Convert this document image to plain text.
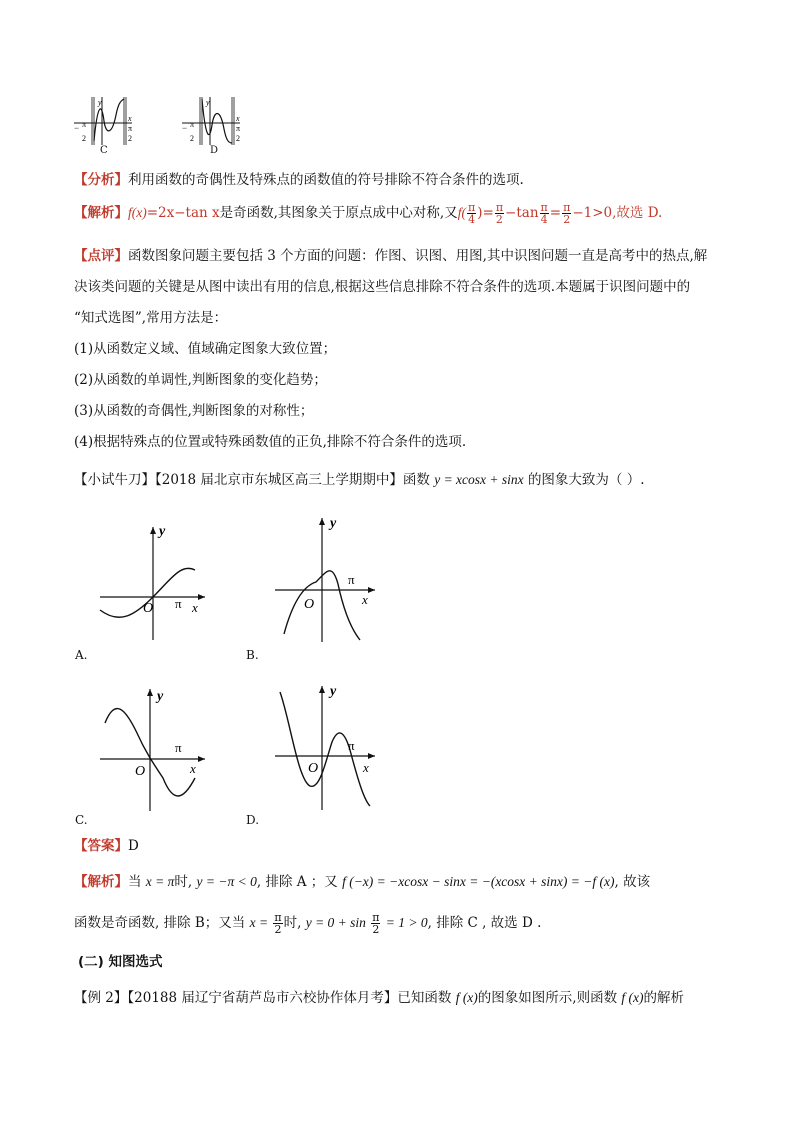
− π
2
y
x
π
2
C
− π
2
y
x
π
2
D
【分析】利用函数的奇偶性及特殊点的函数值的符号排除不符合条件的选项.
【解析】f(x)=2x−tan x是奇函数,其图象关于原点成中心对称,又$f( \frac{\pi}{4}$ )= $\frac{\pi}{2} -\tan \frac{\pi}{4} = \frac{\pi}{2} -1>0$,故选 D.
【点评】函数图象问题主要包括 3 个方面的问题：作图、识图、用图,其中识图问题一直是高考中的热点,解
决该类问题的关键是从图中读出有用的信息,根据这些信息排除不符合条件的选项.本题属于识图问题中的
“知式选图”,常用方法是：
(1)从函数定义域、值域确定图象大致位置；
(2)从函数的单调性,判断图象的变化趋势；
(3)从函数的奇偶性,判断图象的对称性；
(4)根据特殊点的位置或特殊函数值的正负,排除不符合条件的选项.
【小试牛刀】【2018 届北京市东城区高三上学期期中】函数 y = xcosx + sinx 的图象大致为（ ）.
y
O π x
A.
y
O
π
x
B.
y
O
π
x
C.
y
O
π
x
D.
【答案】D
【解析】当 x = π时, y = −π < 0, 排除 A ；又 f (−x) = −xcosx − sinx = −(xcosx + sinx) = −f (x), 故该
函数是奇函数, 排除 B；又当 $x = \frac{\pi}{2}$ 时, $y = 0 + \sin \frac{\pi}{2} = 1 > 0$, 排除 C , 故选 D .
(二) 知图选式
【例 2】【20188 届辽宁省葫芦岛市六校协作体月考】已知函数 f (x)的图象如图所示,则函数 f (x)的解析
